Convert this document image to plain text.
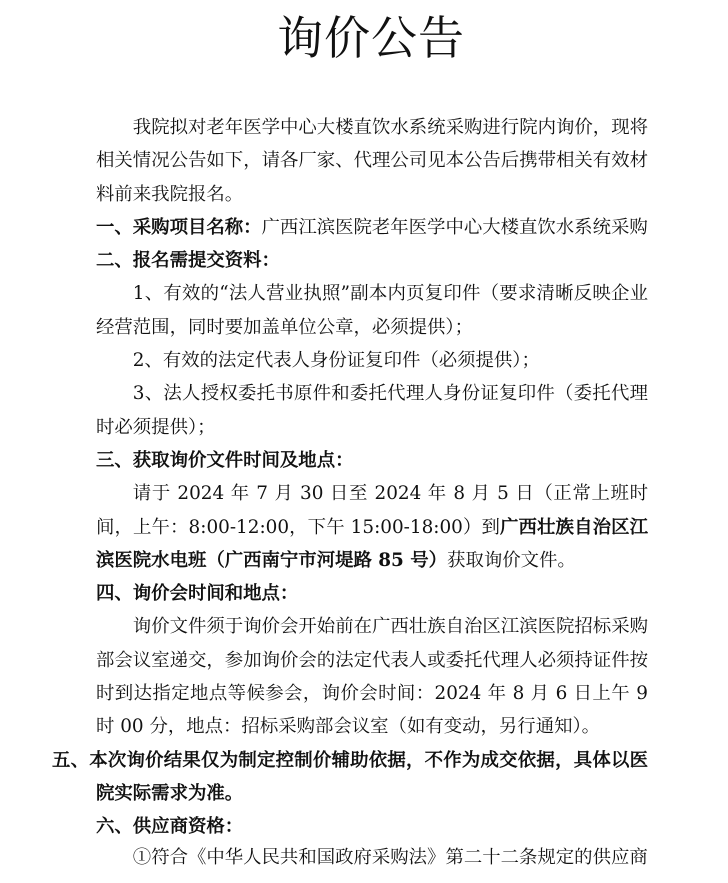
询价公告

我院拟对老年医学中心大楼直饮水系统采购进行院内询价，现将相关情况公告如下，请各厂家、代理公司见本公告后携带相关有效材料前来我院报名。

一、采购项目名称：广西江滨医院老年医学中心大楼直饮水系统采购

二、报名需提交资料：

1、有效的“法人营业执照”副本内页复印件（要求清晰反映企业经营范围，同时要加盖单位公章，必须提供）；

2、有效的法定代表人身份证复印件（必须提供）；

3、法人授权委托书原件和委托代理人身份证复印件（委托代理时必须提供）；

三、获取询价文件时间及地点：

请于 2024 年 7 月 30 日至 2024 年 8 月 5 日（正常上班时间，上午：8:00-12:00，下午 15:00-18:00）到广西壮族自治区江滨医院水电班（广西南宁市河堤路 85 号）获取询价文件。

四、询价会时间和地点：

询价文件须于询价会开始前在广西壮族自治区江滨医院招标采购部会议室递交，参加询价会的法定代表人或委托代理人必须持证件按时到达指定地点等候参会，询价会时间：2024 年 8 月 6 日上午 9 时 00 分，地点：招标采购部会议室（如有变动，另行通知）。

五、本次询价结果仅为制定控制价辅助依据，不作为成交依据，具体以医院实际需求为准。

六、供应商资格：

①符合《中华人民共和国政府采购法》第二十二条规定的供应商
